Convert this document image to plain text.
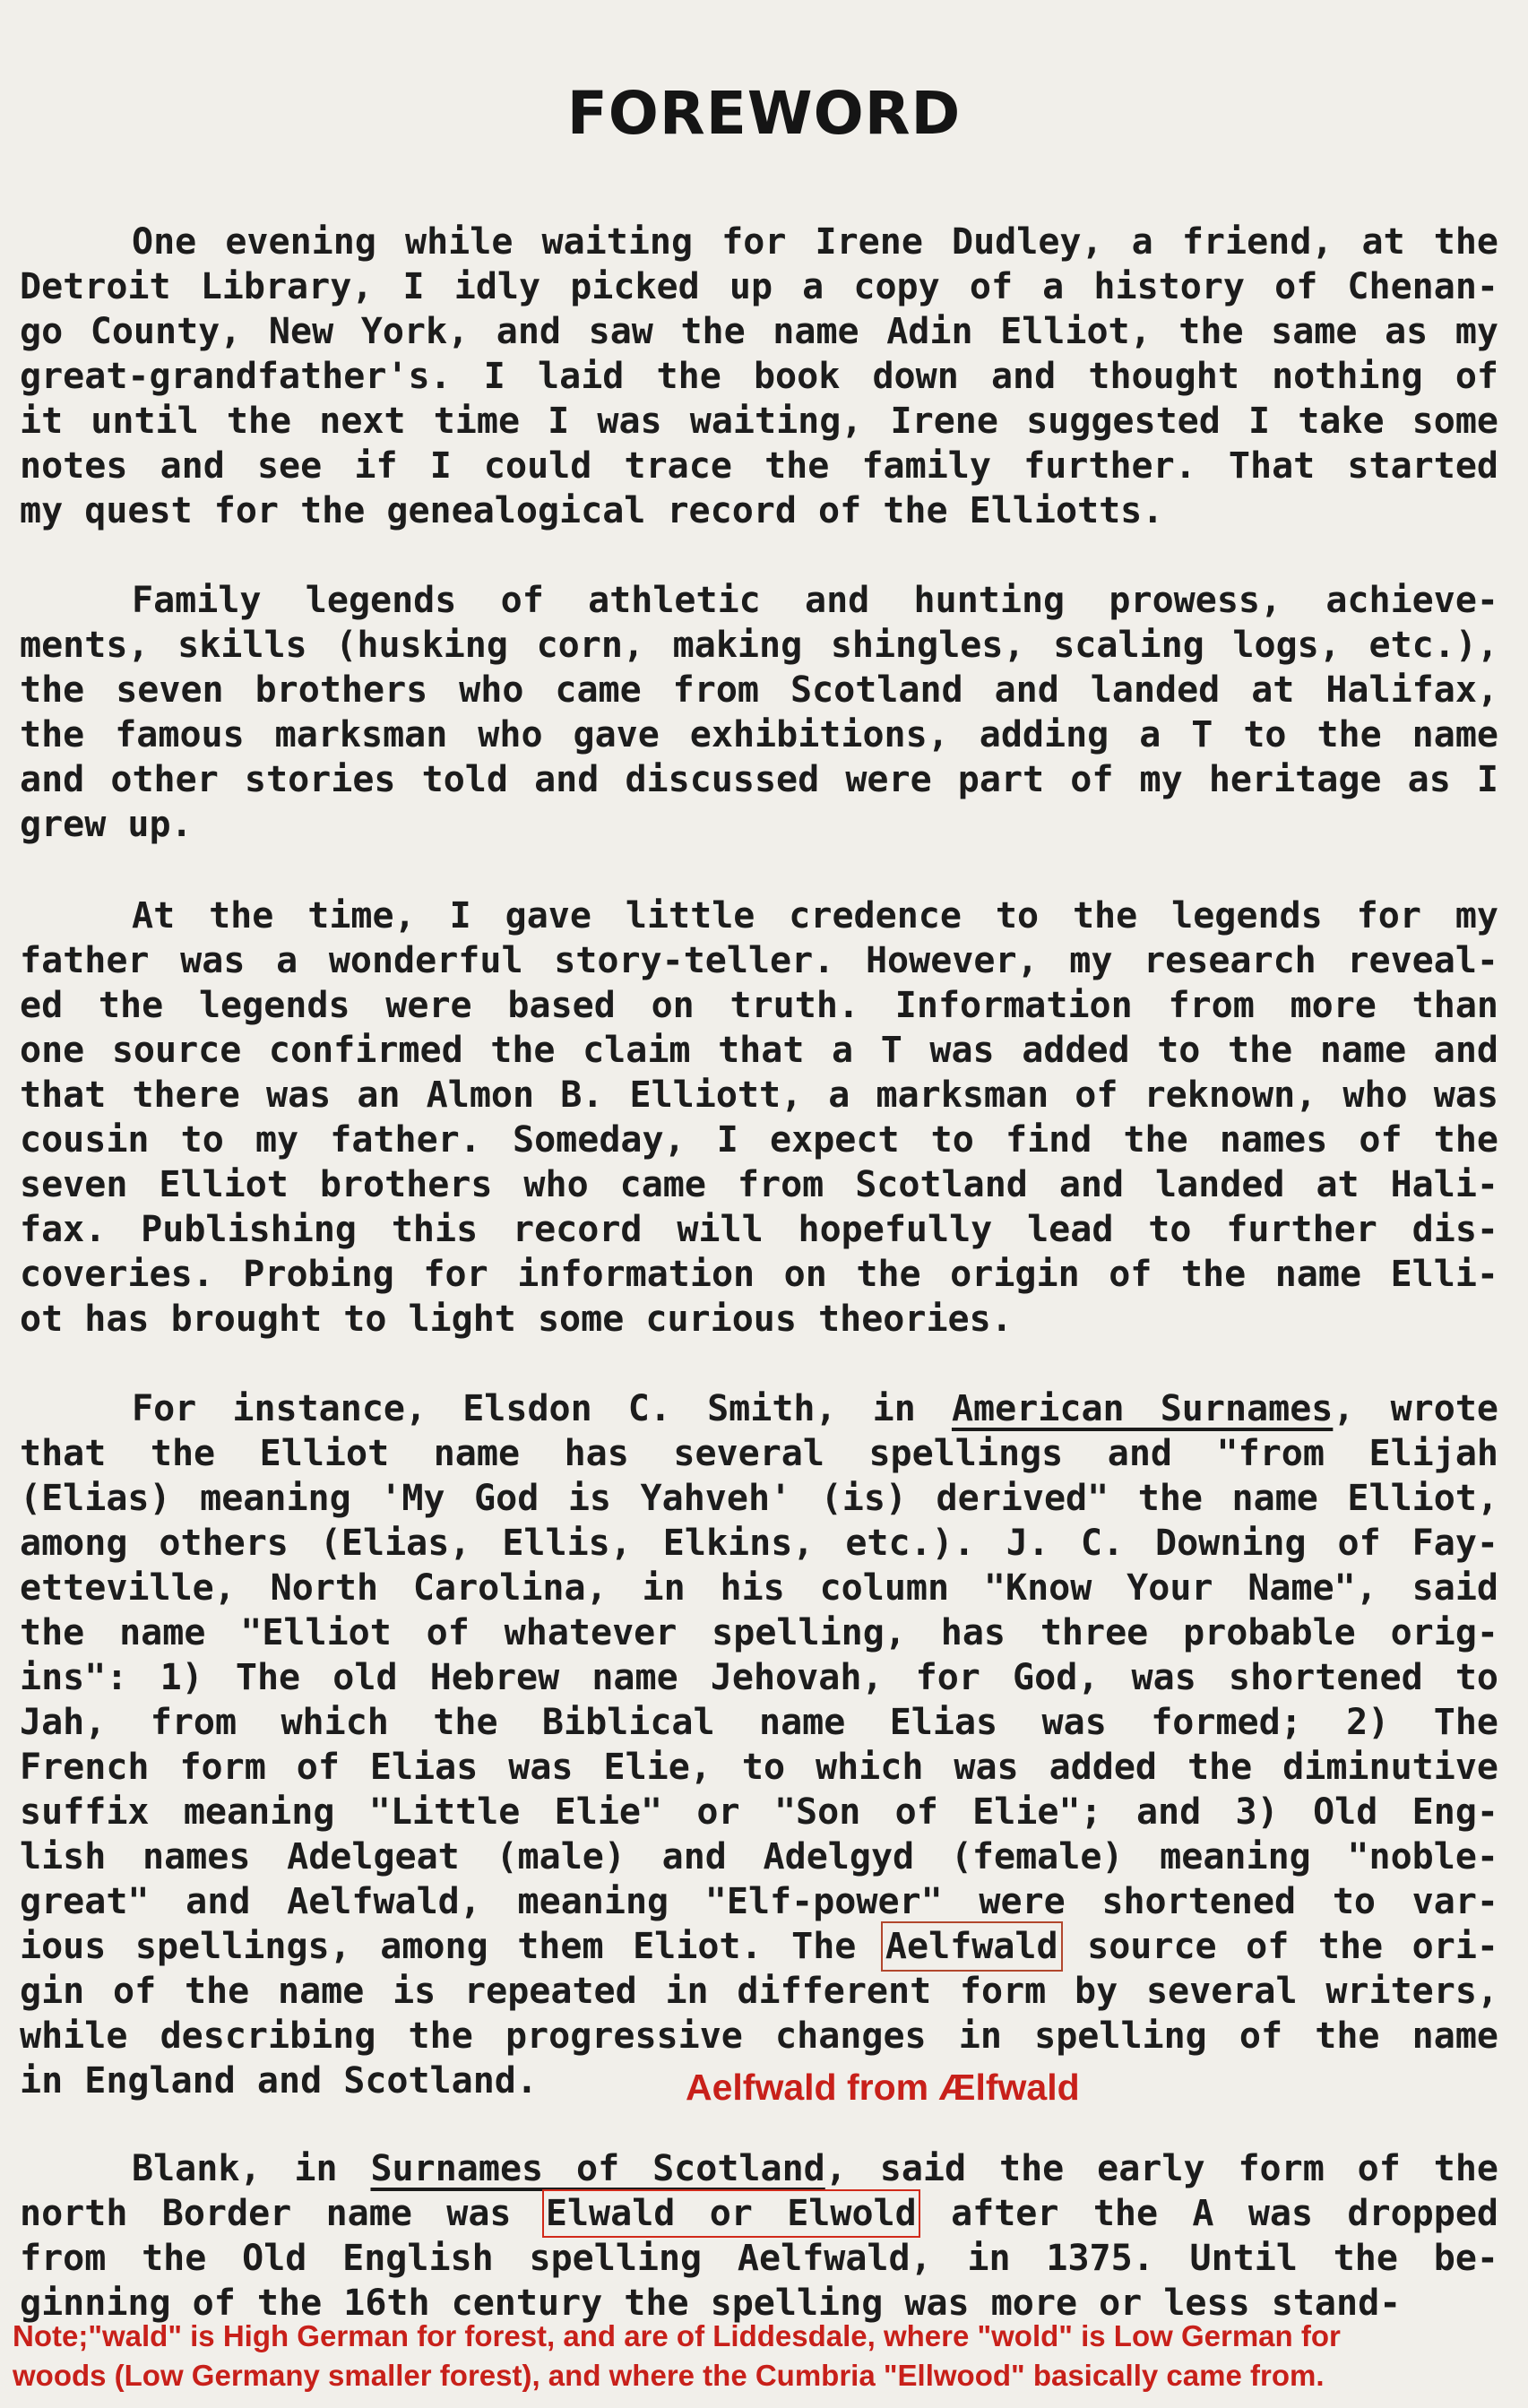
FOREWORD
One evening while waiting for Irene Dudley, a friend, at the
Detroit Library, I idly picked up a copy of a history of Chenan-
go County, New York, and saw the name Adin Elliot, the same as my
great-grandfather's. I laid the book down and thought nothing of
it until the next time I was waiting, Irene suggested I take some
notes and see if I could trace the family further. That started
my quest for the genealogical record of the Elliotts.
Family legends of athletic and hunting prowess, achieve-
ments, skills (husking corn, making shingles, scaling logs, etc.),
the seven brothers who came from Scotland and landed at Halifax,
the famous marksman who gave exhibitions, adding a T to the name
and other stories told and discussed were part of my heritage as I
grew up.
At the time, I gave little credence to the legends for my
father was a wonderful story-teller. However, my research reveal-
ed the legends were based on truth. Information from more than
one source confirmed the claim that a T was added to the name and
that there was an Almon B. Elliott, a marksman of reknown, who was
cousin to my father. Someday, I expect to find the names of the
seven Elliot brothers who came from Scotland and landed at Hali-
fax. Publishing this record will hopefully lead to further dis-
coveries. Probing for information on the origin of the name Elli-
ot has brought to light some curious theories.
For instance, Elsdon C. Smith, in American Surnames, wrote
that the Elliot name has several spellings and "from Elijah
(Elias) meaning 'My God is Yahveh' (is) derived" the name Elliot,
among others (Elias, Ellis, Elkins, etc.). J. C. Downing of Fay-
etteville, North Carolina, in his column "Know Your Name", said
the name "Elliot of whatever spelling, has three probable orig-
ins": 1) The old Hebrew name Jehovah, for God, was shortened to
Jah, from which the Biblical name Elias was formed; 2) The
French form of Elias was Elie, to which was added the diminutive
suffix meaning "Little Elie" or "Son of Elie"; and 3) Old Eng-
lish names Adelgeat (male) and Adelgyd (female) meaning "noble-
great" and Aelfwald, meaning "Elf-power" were shortened to var-
ious spellings, among them Eliot. The Aelfwald source of the ori-
gin of the name is repeated in different form by several writers,
while describing the progressive changes in spelling of the name
in England and Scotland.
Blank, in Surnames of Scotland, said the early form of the
north Border name was Elwald or Elwold after the A was dropped
from the Old English spelling Aelfwald, in 1375. Until the be-
ginning of the 16th century the spelling was more or less stand-
Aelfwald from Ælfwald
Note;"wald" is High German for forest, and are of Liddesdale, where "wold" is Low German for
woods (Low Germany smaller forest), and where the Cumbria "Ellwood" basically came from.
